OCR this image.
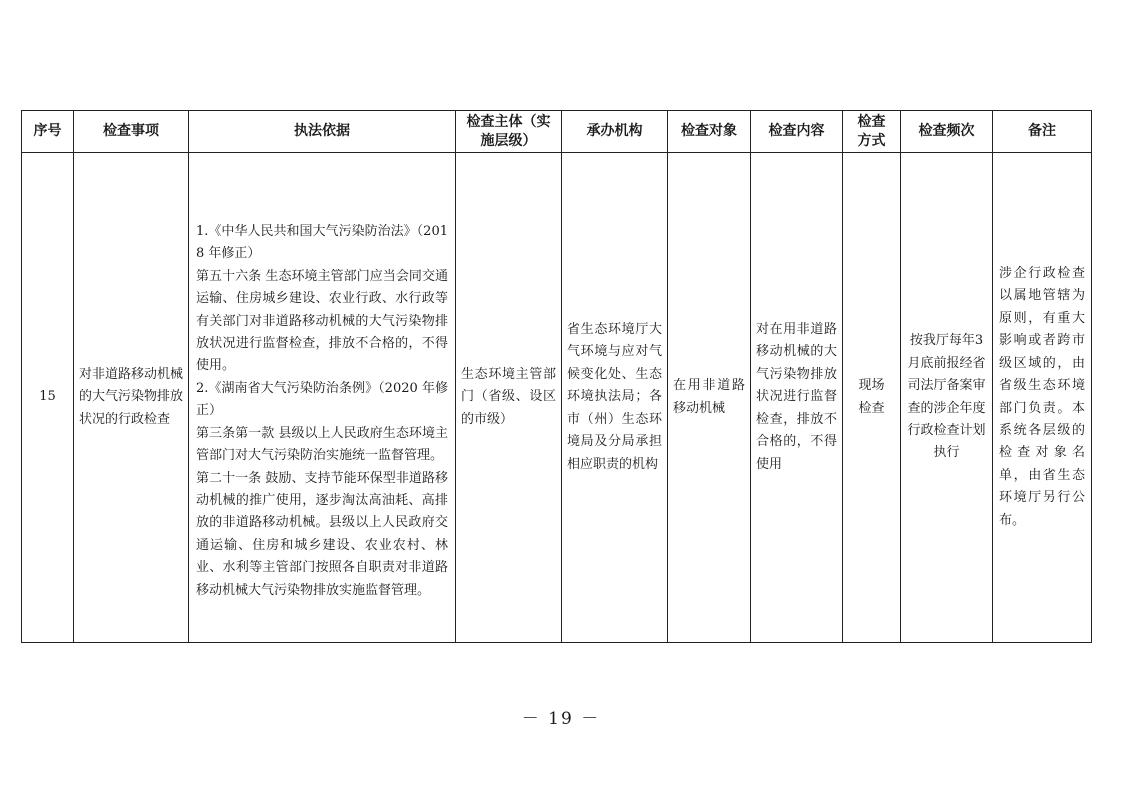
序号	检查事项	执法依据	检查主体（实
施层级）	承办机构	检查对象	检查内容	检查
方式	检查频次	备注

15	对非道路移动机械的大气污染物排放状况的行政检查	1.《中华人民共和国大气污染防治法》（2018 年修正）
第五十六条 生态环境主管部门应当会同交通运输、住房城乡建设、农业行政、水行政等有关部门对非道路移动机械的大气污染物排放状况进行监督检查，排放不合格的，不得使用。
2.《湖南省大气污染防治条例》（2020 年修正）
第三条第一款 县级以上人民政府生态环境主管部门对大气污染防治实施统一监督管理。
第二十一条 鼓励、支持节能环保型非道路移动机械的推广使用，逐步淘汰高油耗、高排放的非道路移动机械。县级以上人民政府交通运输、住房和城乡建设、农业农村、林业、水利等主管部门按照各自职责对非道路移动机械大气污染物排放实施监督管理。	生态环境主管部门（省级、设区的市级）	省生态环境厅大气环境与应对气候变化处、生态环境执法局；各市（州）生态环境局及分局承担相应职责的机构	在用非道路移动机械	对在用非道路移动机械的大气污染物排放状况进行监督检查，排放不合格的，不得使用	现场
检查	按我厅每年3月底前报经省司法厅备案审查的涉企年度行政检查计划执行	涉企行政检查以属地管辖为原则，有重大影响或者跨市级区域的，由省级生态环境部门负责。本系统各层级的检查对象名单，由省生态环境厅另行公布。
－ 19 －
